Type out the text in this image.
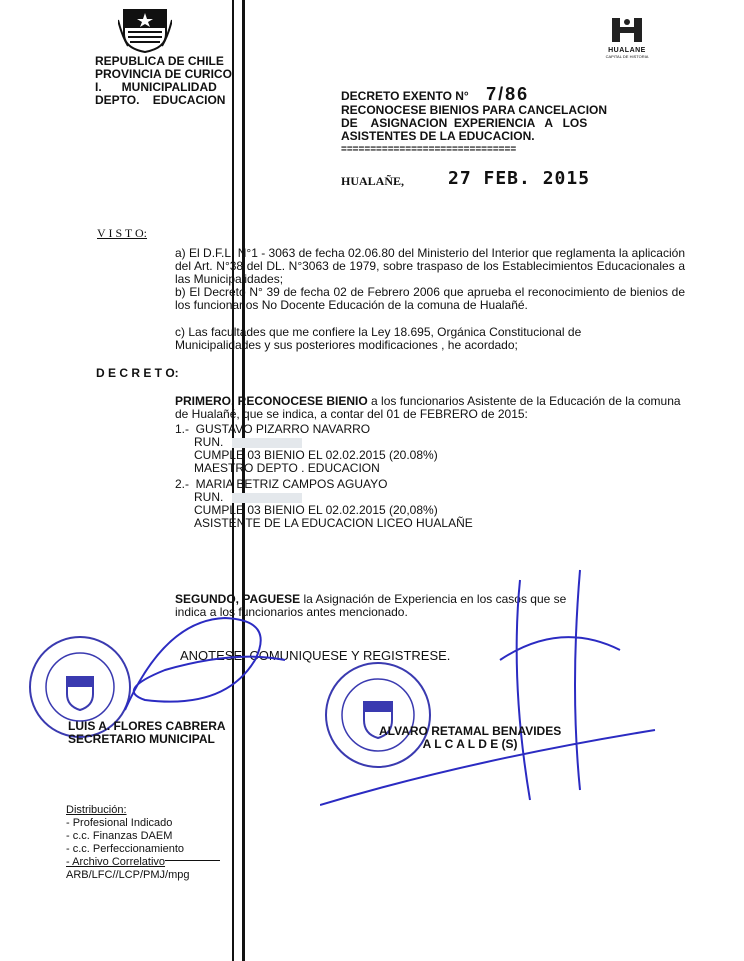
REPUBLICA DE CHILE
PROVINCIA DE CURICO
I.      MUNICIPALIDAD
DEPTO.    EDUCACION
HUALANE
CAPITAL DE HISTORIA
DECRETO EXENTO N° 7/86
RECONOCESE BIENIOS PARA CANCELACION
DE    ASIGNACION  EXPERIENCIA   A   LOS
ASISTENTES DE LA EDUCACION.
==============================
HUALAÑE, 27 FEB. 2015
V I S T O:
a) El D.F.L. N°1 - 3063 de fecha 02.06.80 del Ministerio del Interior que reglamenta la aplicación del Art. N°38 del DL. N°3063 de 1979, sobre traspaso de los Establecimientos Educacionales a las Municipalidades;
b) El Decreto N° 39 de fecha 02 de Febrero 2006 que aprueba el reconocimiento de bienios de los funcionarios No Docente Educación de la comuna de Hualañé.
c) Las facultades que me confiere la Ley 18.695, Orgánica Constitucional de Municipalidades y sus posteriores modificaciones , he acordado;
D E C R E T O:
PRIMERO, RECONOCESE BIENIO a los funcionarios Asistente de la Educación de la comuna de Hualañé, que se indica, a contar del 01 de FEBRERO de 2015:
1.-  GUSTAVO PIZARRO NAVARRO
RUN.
CUMPLE 03 BIENIO EL 02.02.2015 (20.08%)
MAESTRO DEPTO . EDUCACION
2.-  MARIA BETRIZ CAMPOS AGUAYO
RUN.
CUMPLE 03 BIENIO EL 02.02.2015 (20,08%)
ASISTENTE DE LA EDUCACION LICEO HUALAÑE
SEGUNDO, PAGUESE la Asignación de Experiencia en los casos que se indica a los funcionarios antes mencionado.
ANOTESE, COMUNIQUESE Y REGISTRESE.
LUIS A. FLORES CABRERA
SECRETARIO MUNICIPAL
ALVARO RETAMAL BENAVIDES
A L C A L D E (S)
Distribución:
- Profesional Indicado
- c.c. Finanzas DAEM
- c.c. Perfeccionamiento
- Archivo Correlativo
ARB/LFC//LCP/PMJ/mpg
